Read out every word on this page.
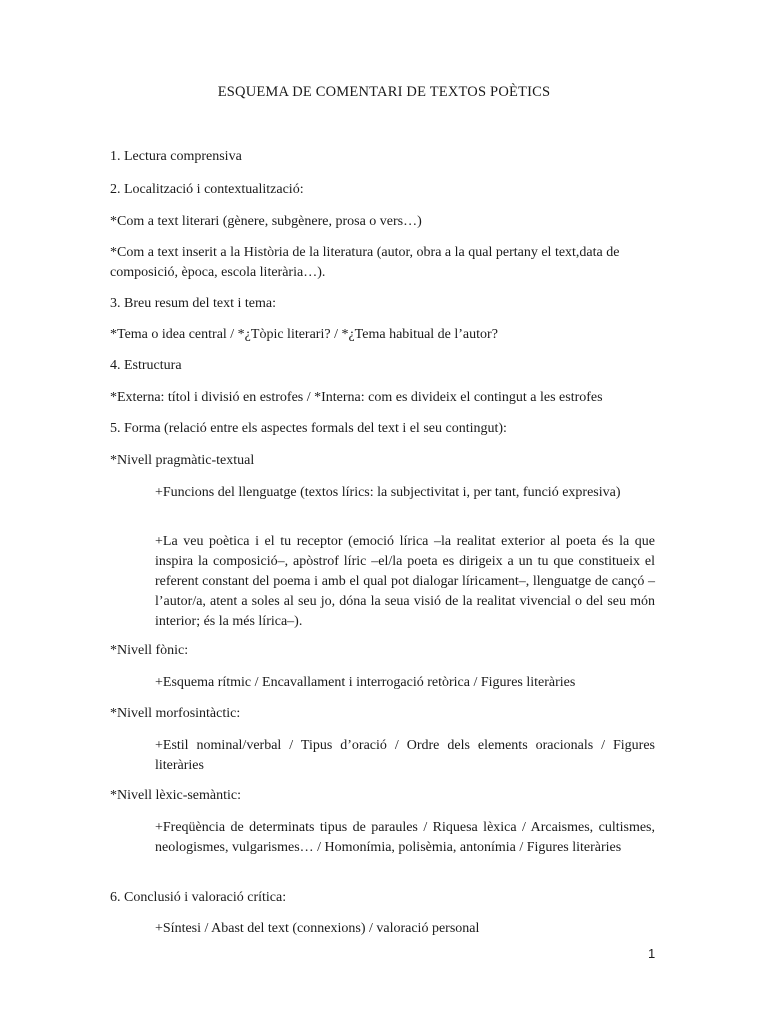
ESQUEMA DE COMENTARI DE TEXTOS POÈTICS

1. Lectura comprensiva

2. Localització i contextualització:

*Com a text literari (gènere, subgènere, prosa o vers…)

*Com a text inserit a la Història de la literatura (autor, obra a la qual pertany el text,data de composició, època, escola literària…).

3. Breu resum del text i tema:

*Tema o idea central / *¿Tòpic literari? / *¿Tema habitual de l’autor?

4. Estructura

*Externa: títol i divisió en estrofes / *Interna: com es divideix el contingut a les estrofes

5. Forma (relació entre els aspectes formals del text i el seu contingut):

*Nivell pragmàtic-textual

+Funcions del llenguatge (textos lírics: la subjectivitat i, per tant, funció expresiva)

+La veu poètica i el tu receptor (emoció lírica –la realitat exterior al poeta és la que inspira la composició–, apòstrof líric –el/la poeta es dirigeix a un tu que constitueix el referent constant del poema i amb el qual pot dialogar líricament–, llenguatge de cançó –l’autor/a, atent a soles al seu jo, dóna la seua visió de la realitat vivencial o del seu món interior; és la més lírica–).

*Nivell fònic:

+Esquema rítmic / Encavallament i interrogació retòrica / Figures literàries

*Nivell morfosintàctic:

+Estil nominal/verbal / Tipus d’oració / Ordre dels elements oracionals / Figures literàries

*Nivell lèxic-semàntic:

+Freqüència de determinats tipus de paraules / Riquesa lèxica / Arcaismes, cultismes, neologismes, vulgarismes… / Homonímia, polisèmia, antonímia / Figures literàries

6. Conclusió i valoració crítica:

+Síntesi / Abast del text (connexions) / valoració personal

1
